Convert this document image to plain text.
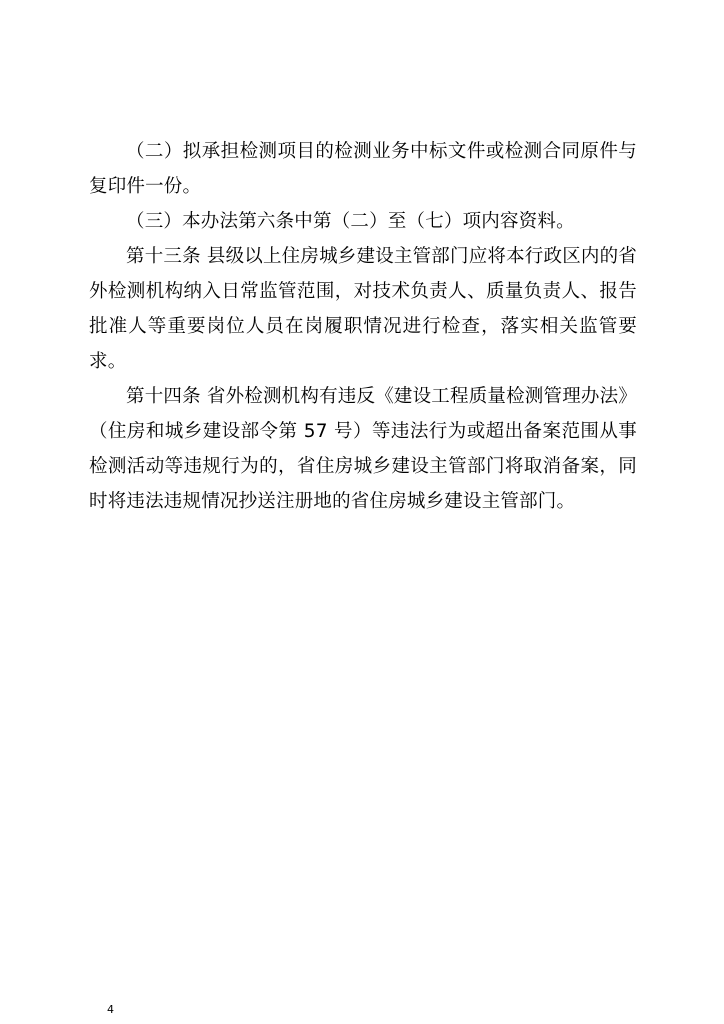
（二）拟承担检测项目的检测业务中标文件或检测合同原件与复印件一份。

（三）本办法第六条中第（二）至（七）项内容资料。

第十三条 县级以上住房城乡建设主管部门应将本行政区内的省外检测机构纳入日常监管范围，对技术负责人、质量负责人、报告批准人等重要岗位人员在岗履职情况进行检查，落实相关监管要求。

第十四条 省外检测机构有违反《建设工程质量检测管理办法》（住房和城乡建设部令第 57 号）等违法行为或超出备案范围从事检测活动等违规行为的，省住房城乡建设主管部门将取消备案，同时将违法违规情况抄送注册地的省住房城乡建设主管部门。

4
